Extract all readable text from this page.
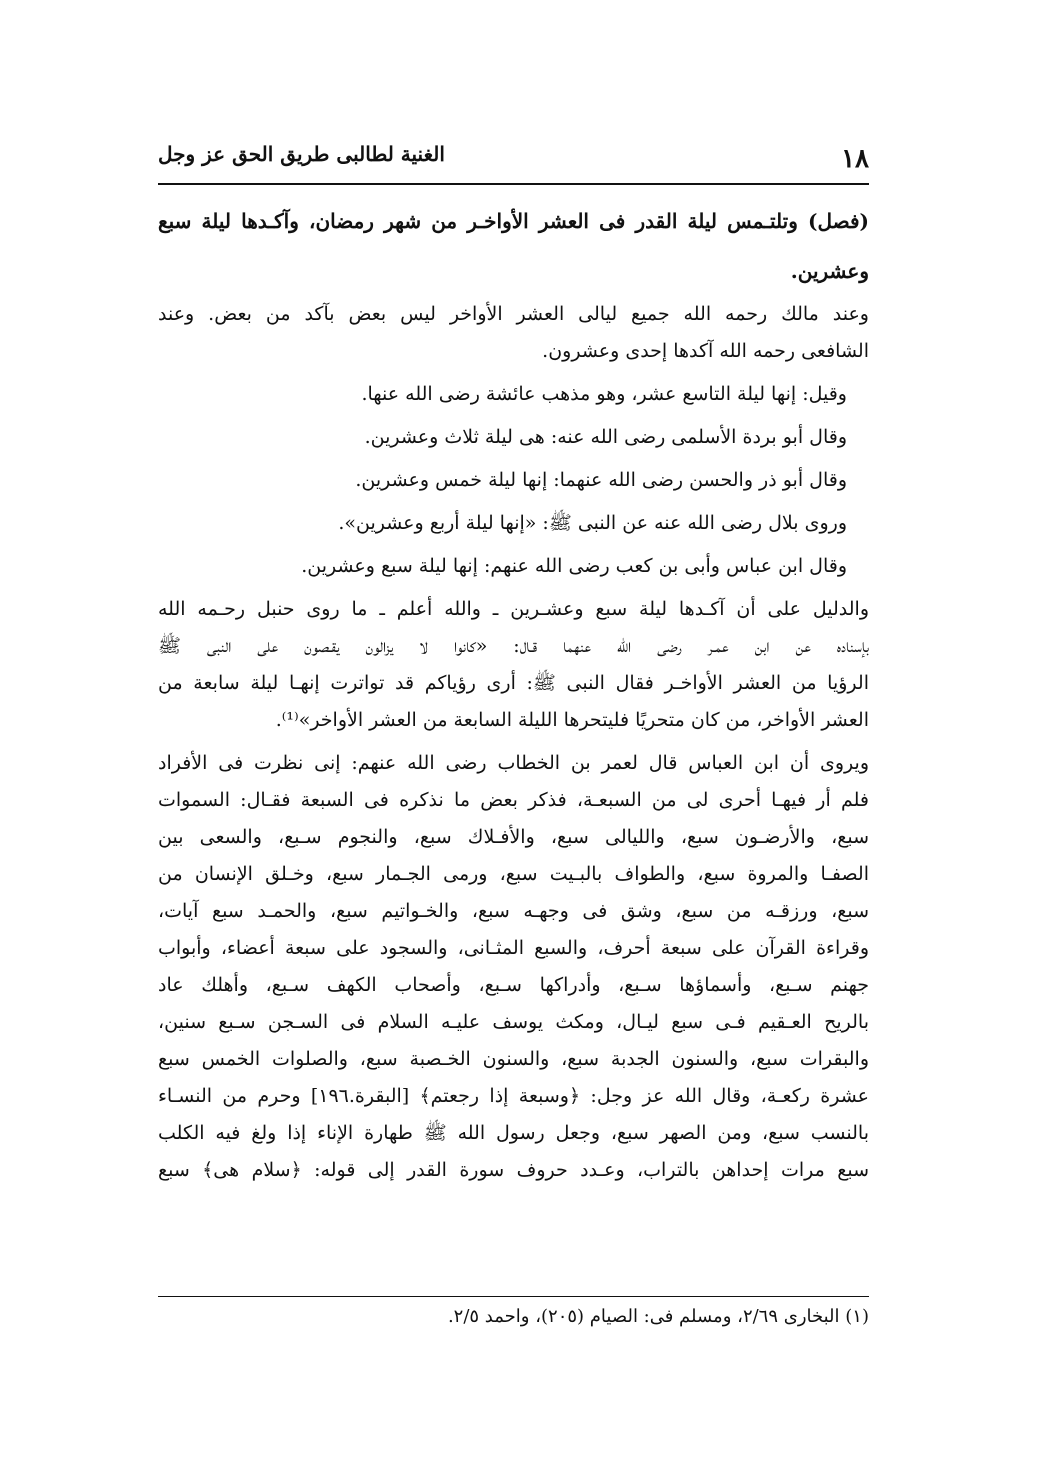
الغنية لطالبى طريق الحق عز وجل	١٨
(فصل) وتلتـمس ليلة القدر فى العشر الأواخـر من شهر رمضان، وآكـدها ليلة سبع
وعشرين.
وعند مالك رحمه الله جميع ليالى العشر الأواخر ليس بعض بآكد من بعض. وعند
الشافعى رحمه الله آكدها إحدى وعشرون.
وقيل: إنها ليلة التاسع عشر، وهو مذهب عائشة رضى الله عنها.
وقال أبو بردة الأسلمى رضى الله عنه: هى ليلة ثلاث وعشرين.
وقال أبو ذر والحسن رضى الله عنهما: إنها ليلة خمس وعشرين.
وروى بلال رضى الله عنه عن النبى ﷺ: «إنها ليلة أربع وعشرين».
وقال ابن عباس وأبى بن كعب رضى الله عنهم: إنها ليلة سبع وعشرين.
والدليل على أن آكـدها ليلة سبع وعشـرين ـ والله أعلم ـ ما روى حنبل رحـمه الله
بإسناده عن ابن عمـر رضى الله عنهما قـال: «كانوا لا يزالون يقـصون على النبى ﷺ
الرؤيا من العشر الأواخـر فقال النبى ﷺ: أرى رؤياكم قد تواترت إنهـا ليلة سابعة من
العشر الأواخر، من كان متحريًا فليتحرها الليلة السابعة من العشر الأواخر»⁽¹⁾.
ويروى أن ابن العباس قال لعمر بن الخطاب رضى الله عنهم: إنى نظرت فى الأفراد
فلم أر فيهـا أحرى لى من السبعـة، فذكر بعض ما نذكره فى السبعة فقـال: السموات
سبع، والأرضـون سبع، والليالى سبع، والأفـلاك سبع، والنجوم سـبع، والسعى بين
الصفـا والمروة سبع، والطواف بالبـيت سبع، ورمى الجـمار سبع، وخـلق الإنسان من
سبع، ورزقـه من سبع، وشق فى وجهـه سبع، والخـواتيم سبع، والحمـد سبع آيات،
وقراءة القرآن على سبعة أحرف، والسبع المثـانى، والسجود على سبعة أعضاء، وأبواب
جهنم سـبع، وأسماؤها سـبع، وأدراكها سـبع، وأصحاب الكهف سـبع، وأهلك عاد
بالريح العـقيم فـى سبع ليـال، ومكث يوسف عليـه السلام فى السـجن سـبع سنين،
والبقرات سبع، والسنون الجدبة سبع، والسنون الخـصبة سبع، والصلوات الخمس سبع
عشرة ركعـة، وقال الله عز وجل: ﴿وسبعة إذا رجعتم﴾ [البقرة.١٩٦] وحرم من النسـاء
بالنسب سبع، ومن الصهر سبع، وجعل رسول الله ﷺ طهارة الإناء إذا ولغ فيه الكلب
سبع مرات إحداهن بالتراب، وعـدد حروف سورة القدر إلى قوله: ﴿سلام هى﴾ سبع
(١) البخارى ٢/٦٩، ومسلم فى: الصيام (٢٠٥)، واحمد ٢/٥.
